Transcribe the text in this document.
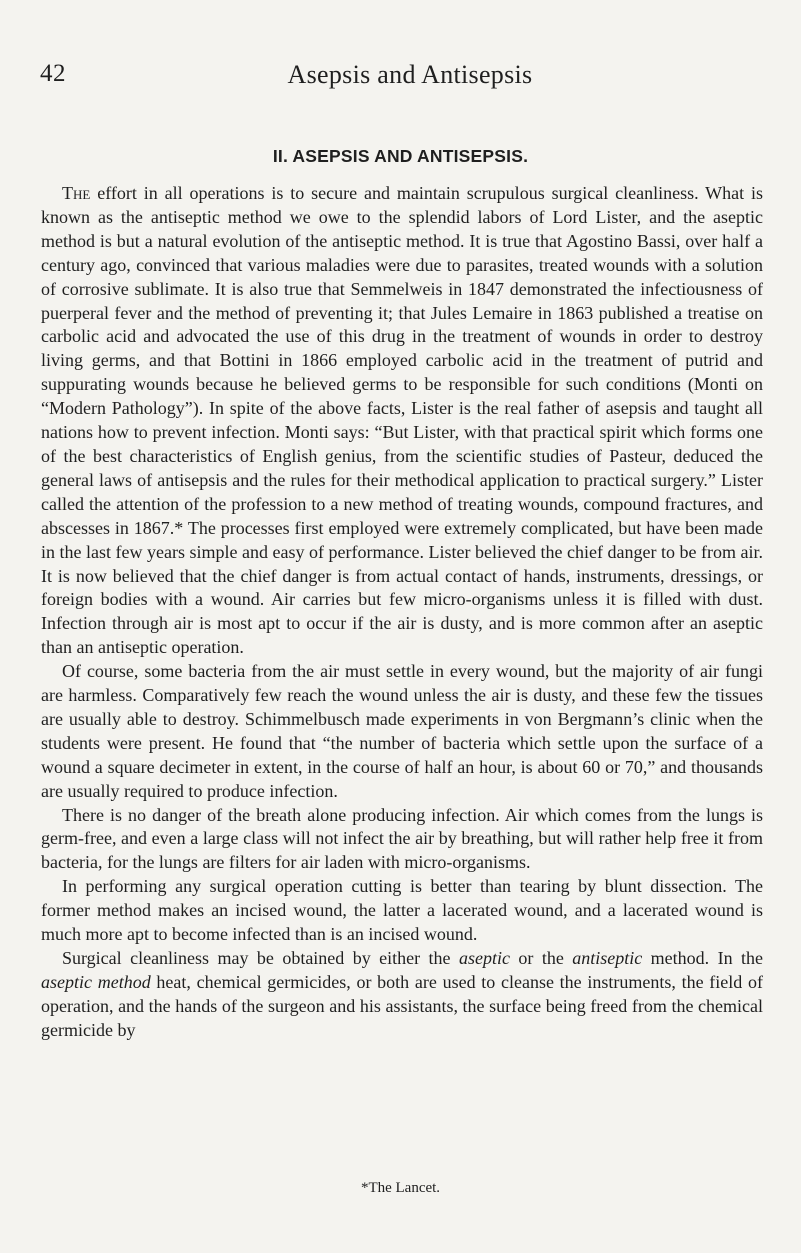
42	Asepsis and Antisepsis
II. ASEPSIS AND ANTISEPSIS.

The effort in all operations is to secure and maintain scrupulous surgical cleanliness. What is known as the antiseptic method we owe to the splendid labors of Lord Lister, and the aseptic method is but a natural evolution of the antiseptic method. It is true that Agostino Bassi, over half a century ago, convinced that various maladies were due to parasites, treated wounds with a solution of corrosive sublimate. It is also true that Semmelweis in 1847 demonstrated the infectiousness of puerperal fever and the method of preventing it; that Jules Lemaire in 1863 published a treatise on carbolic acid and advocated the use of this drug in the treatment of wounds in order to destroy living germs, and that Bottini in 1866 employed carbolic acid in the treatment of putrid and suppurating wounds because he believed germs to be responsible for such conditions (Monti on “Modern Pathology”). In spite of the above facts, Lister is the real father of asepsis and taught all nations how to prevent infection. Monti says: “But Lister, with that practical spirit which forms one of the best characteristics of English genius, from the scientific studies of Pasteur, deduced the general laws of antisepsis and the rules for their methodical application to practical surgery.” Lister called the attention of the profession to a new method of treating wounds, compound fractures, and abscesses in 1867.* The processes first employed were extremely complicated, but have been made in the last few years simple and easy of performance. Lister believed the chief danger to be from air. It is now believed that the chief danger is from actual contact of hands, instruments, dressings, or foreign bodies with a wound. Air carries but few micro-organisms unless it is filled with dust. Infection through air is most apt to occur if the air is dusty, and is more common after an aseptic than an antiseptic operation.

Of course, some bacteria from the air must settle in every wound, but the majority of air fungi are harmless. Comparatively few reach the wound unless the air is dusty, and these few the tissues are usually able to destroy. Schimmelbusch made experiments in von Bergmann’s clinic when the students were present. He found that “the number of bacteria which settle upon the surface of a wound a square decimeter in extent, in the course of half an hour, is about 60 or 70,” and thousands are usually required to produce infection.

There is no danger of the breath alone producing infection. Air which comes from the lungs is germ-free, and even a large class will not infect the air by breathing, but will rather help free it from bacteria, for the lungs are filters for air laden with micro-organisms.

In performing any surgical operation cutting is better than tearing by blunt dissection. The former method makes an incised wound, the latter a lacerated wound, and a lacerated wound is much more apt to become infected than is an incised wound.

Surgical cleanliness may be obtained by either the aseptic or the antiseptic method. In the aseptic method heat, chemical germicides, or both are used to cleanse the instruments, the field of operation, and the hands of the surgeon and his assistants, the surface being freed from the chemical germicide by

*The Lancet.
